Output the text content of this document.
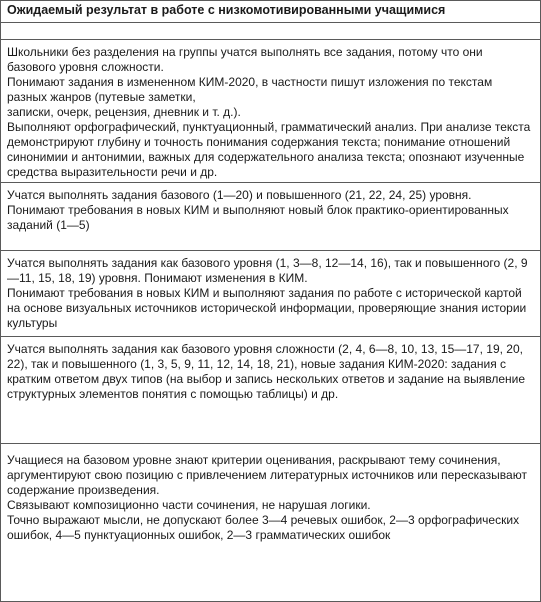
Ожидаемый результат в работе с низкомотивированными учащимися

Школьники без разделения на группы учатся выполнять все задания, потому что они базового уровня сложности.

Понимают задания в измененном КИМ-2020, в частности пишут изложения по текстам разных жанров (путевые заметки,

записки, очерк, рецензия, дневник и т. д.).

Выполняют орфографический, пунктуационный, грамматический анализ. При анализе текста демонстрируют глубину и точность понимания содержания текста; понимание отношений синонимии и антонимии, важных для содержательного анализа текста; опознают изученные средства выразительности речи и др.

Учатся выполнять задания базового (1—20) и повышенного (21, 22, 24, 25) уровня.

Понимают требования в новых КИМ и выполняют новый блок практико-ориентированных заданий (1—5)

Учатся выполнять задания как базового уровня (1, 3—8, 12—14, 16), так и повышенного (2, 9—11, 15, 18, 19) уровня. Понимают изменения в КИМ.

Понимают требования в новых КИМ и выполняют задания по работе с исторической картой на основе визуальных источников исторической информации, проверяющие знания истории культуры

Учатся выполнять задания как базового уровня сложности (2, 4, 6—8, 10, 13, 15—17, 19, 20, 22), так и повышенного (1, 3, 5, 9, 11, 12, 14, 18, 21), новые задания КИМ-2020: задания с кратким ответом двух типов (на выбор и запись нескольких ответов и задание на выявление структурных элементов понятия с помощью таблицы) и др.

Учащиеся на базовом уровне знают критерии оценивания, раскрывают тему сочинения, аргументируют свою позицию с привлечением литературных источников или пересказывают содержание произведения.

Связывают композиционно части сочинения, не нарушая логики.

Точно выражают мысли, не допускают более 3—4 речевых ошибок, 2—3 орфографических ошибок, 4—5 пунктуационных ошибок, 2—3 грамматических ошибок
